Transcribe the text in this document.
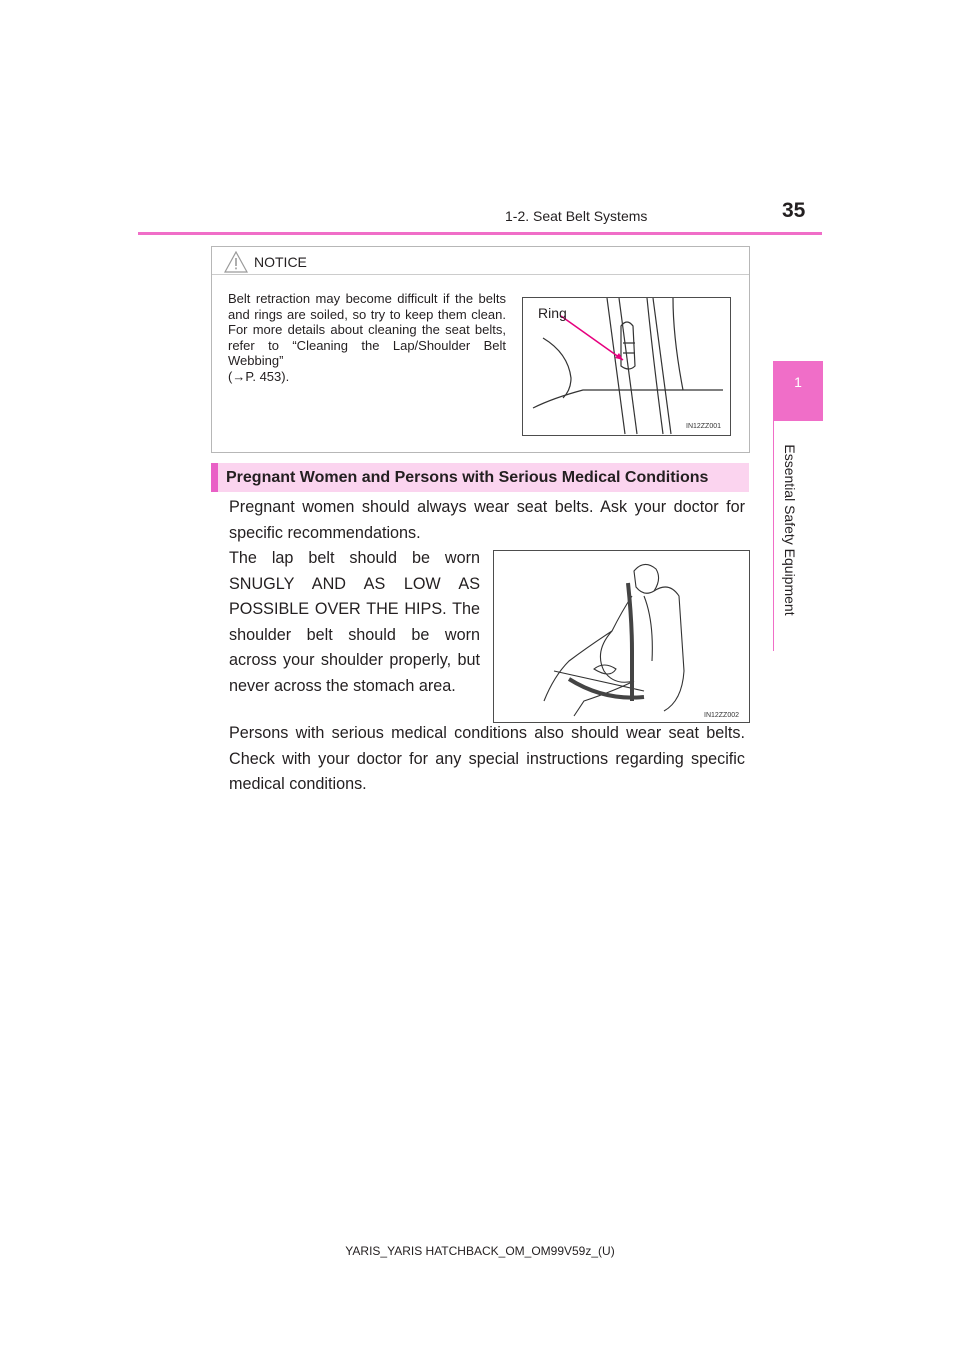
1-2. Seat Belt Systems	35
1
Essential Safety Equipment
NOTICE
Belt retraction may become difficult if the belts and rings are soiled, so try to keep them clean. For more details about cleaning the seat belts, refer to “Cleaning the Lap/Shoulder Belt Webbing”
(→P. 453).
Ring
IN12ZZ001
Pregnant Women and Persons with Serious Medical Conditions
Pregnant women should always wear seat belts. Ask your doctor for specific recommendations.
The lap belt should be worn SNUGLY AND AS LOW AS POSSIBLE OVER THE HIPS. The shoulder belt should be worn across your shoulder properly, but never across the stomach area.
Persons with serious medical conditions also should wear seat belts. Check with your doctor for any special instructions regarding specific medical conditions.
IN12ZZ002
YARIS_YARIS HATCHBACK_OM_OM99V59z_(U)
